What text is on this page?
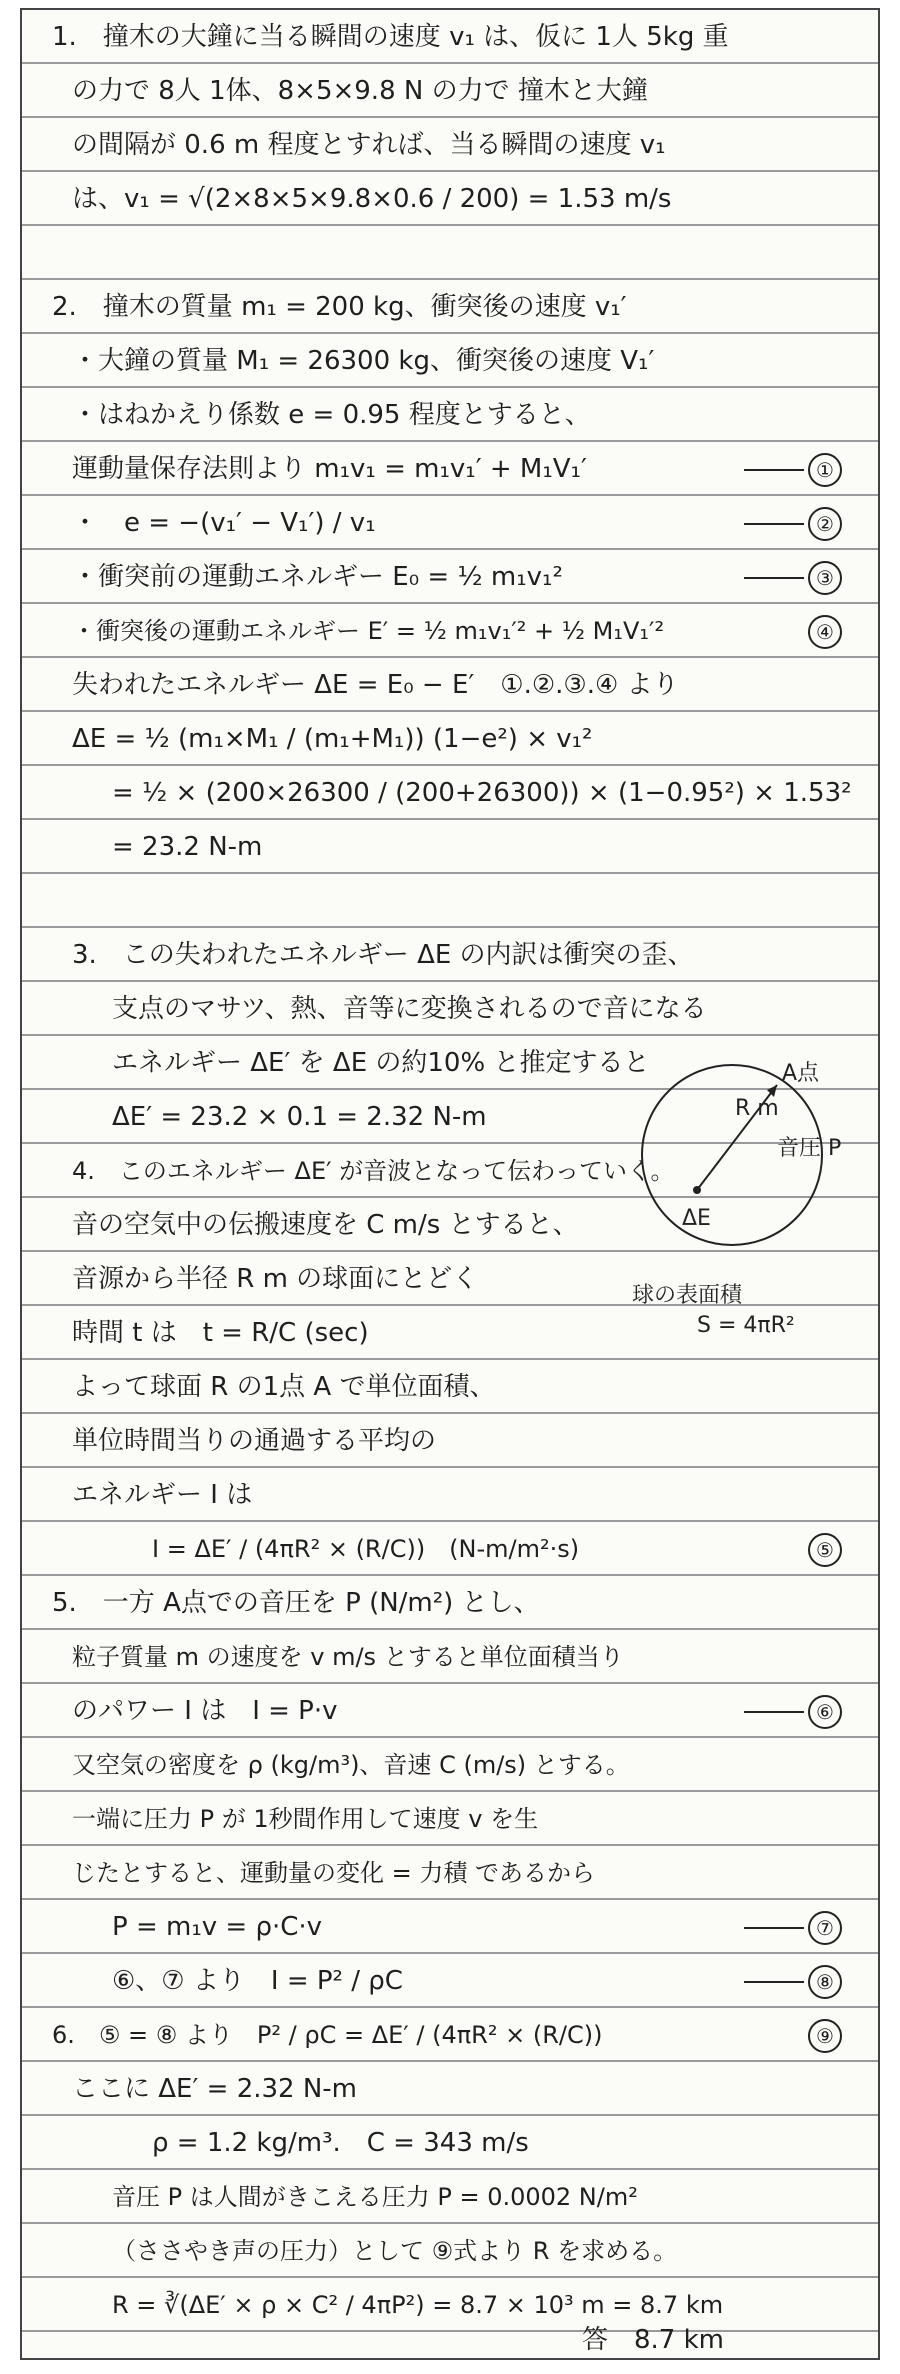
1.　撞木の大鐘に当る瞬間の速度 v₁ は、仮に 1人 5kg 重
の力で 8人 1体、8×5×9.8 N の力で 撞木と大鐘
の間隔が 0.6 m 程度とすれば、当る瞬間の速度 v₁
は、v₁ = √(2×8×5×9.8×0.6 / 200) = 1.53 m/s
2.　撞木の質量 m₁ = 200 kg、衝突後の速度 v₁′
・大鐘の質量 M₁ = 26300 kg、衝突後の速度 V₁′
・はねかえり係数 e = 0.95 程度とすると、
運動量保存法則より m₁v₁ = m₁v₁′ + M₁V₁′	①
・　e = −(v₁′ − V₁′) / v₁	②
・衝突前の運動エネルギー E₀ = ½ m₁v₁²	③
・衝突後の運動エネルギー E′ = ½ m₁v₁′² + ½ M₁V₁′²	④
失われたエネルギー ΔE = E₀ − E′　①.②.③.④ より
ΔE = ½ (m₁×M₁ / (m₁+M₁)) (1−e²) × v₁²
= ½ × (200×26300 / (200+26300)) × (1−0.95²) × 1.53²
= 23.2 N-m
3.　この失われたエネルギー ΔE の内訳は衝突の歪、
支点のマサツ、熱、音等に変換されるので音になる
エネルギー ΔE′ を ΔE の約10% と推定すると
ΔE′ = 23.2 × 0.1 = 2.32 N-m
4.　このエネルギー ΔE′ が音波となって伝わっていく。
音の空気中の伝搬速度を C m/s とすると、
音源から半径 R m の球面にとどく
時間 t は　t = R/C (sec)
よって球面 R の1点 A で単位面積、
単位時間当りの通過する平均の
エネルギー I は
I = ΔE′ / (4πR² × (R/C))　(N-m/m²·s)	⑤
5.　一方 A点での音圧を P (N/m²) とし、
粒子質量 m の速度を v m/s とすると単位面積当り
のパワー I は　I = P·v	⑥
又空気の密度を ρ (kg/m³)、音速 C (m/s) とする。
一端に圧力 P が 1秒間作用して速度 v を生
じたとすると、運動量の変化 = 力積 であるから
P = m₁v = ρ·C·v	⑦
⑥、⑦ より　I = P² / ρC	⑧
6.　⑤ = ⑧ より　P² / ρC = ΔE′ / (4πR² × (R/C))	⑨
ここに ΔE′ = 2.32 N-m
ρ = 1.2 kg/m³.　C = 343 m/s
音圧 P は人間がきこえる圧力 P = 0.0002 N/m²
（ささやき声の圧力）として ⑨式より R を求める。
R = ∛(ΔE′ × ρ × C² / 4πP²) = 8.7 × 10³ m = 8.7 km
答　8.7 km
R m
A点
音圧 P
ΔE
球の表面積
S = 4πR²
